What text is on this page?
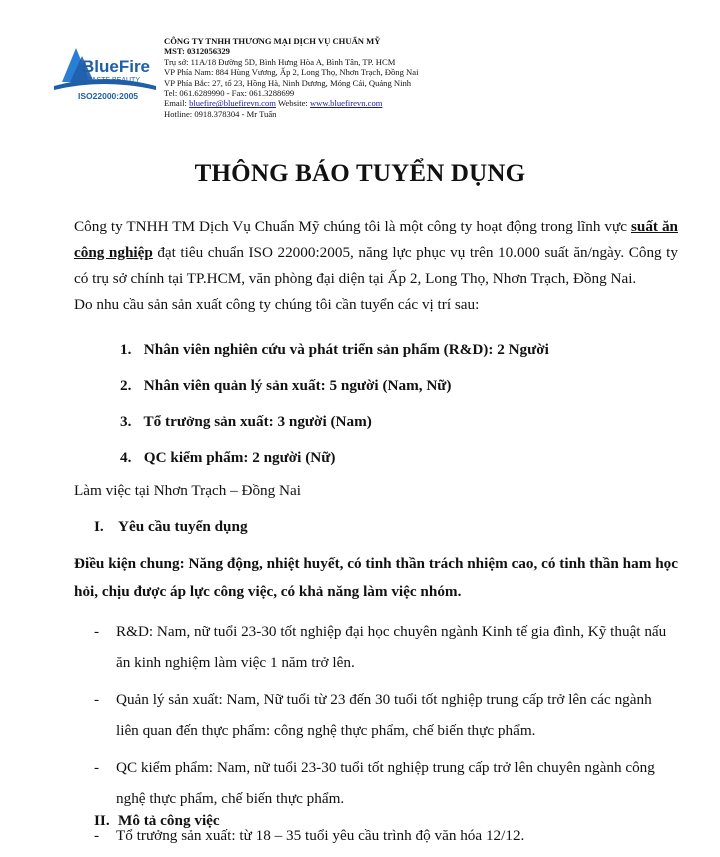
BlueFire
TASTE BEAUTY
ISO22000:2005
CÔNG TY TNHH THƯƠNG MẠI DỊCH VỤ CHUẨN MỸ
MST: 0312056329
Trụ sở: 11A/18 Đường 5D, Bình Hưng Hòa A, Bình Tân, TP. HCM
VP Phía Nam: 884 Hùng Vương, Ấp 2, Long Thọ, Nhơn Trạch, Đồng Nai
VP Phía Bắc: 27, tổ 23, Hồng Hà, Ninh Dương, Móng Cái, Quảng Ninh
Tel: 061.6289990 - Fax: 061.3288699
Email: bluefire@bluefirevn.com Website: www.bluefirevn.com
Hotline: 0918.378304 - Mr Tuấn
THÔNG BÁO TUYỂN DỤNG

Công ty TNHH TM Dịch Vụ Chuẩn Mỹ chúng tôi là một công ty hoạt động trong lĩnh vực suất ăn công nghiệp đạt tiêu chuẩn ISO 22000:2005, năng lực phục vụ trên 10.000 suất ăn/ngày. Công ty có trụ sở chính tại TP.HCM, văn phòng đại diện tại Ấp 2, Long Thọ, Nhơn Trạch, Đồng Nai.

Do nhu cầu sản sản xuất công ty chúng tôi cần tuyển các vị trí sau:

1. Nhân viên nghiên cứu và phát triển sản phẩm (R&D): 2 Người
2. Nhân viên quản lý sản xuất: 5 người (Nam, Nữ)
3. Tổ trưởng sản xuất: 3 người (Nam)
4. QC kiểm phẩm: 2 người (Nữ)
Làm việc tại Nhơn Trạch – Đồng Nai
I. Yêu cầu tuyển dụng
Điều kiện chung: Năng động, nhiệt huyết, có tinh thần trách nhiệm cao, có tinh thần ham học hỏi, chịu được áp lực công việc, có khả năng làm việc nhóm.
- R&D: Nam, nữ tuổi 23-30 tốt nghiệp đại học chuyên ngành Kinh tế gia đình, Kỹ thuật nấu ăn kinh nghiệm làm việc 1 năm trở lên.
- Quản lý sản xuất: Nam, Nữ tuổi từ 23 đến 30 tuổi tốt nghiệp trung cấp trở lên các ngành liên quan đến thực phẩm: công nghệ thực phẩm, chế biến thực phẩm.
- QC kiểm phẩm: Nam, nữ tuổi 23-30 tuổi tốt nghiệp trung cấp trở lên chuyên ngành công nghệ thực phẩm, chế biến thực phẩm.
- Tổ trưởng sản xuất: từ 18 – 35 tuổi yêu cầu trình độ văn hóa 12/12.
II. Mô tả công việc
